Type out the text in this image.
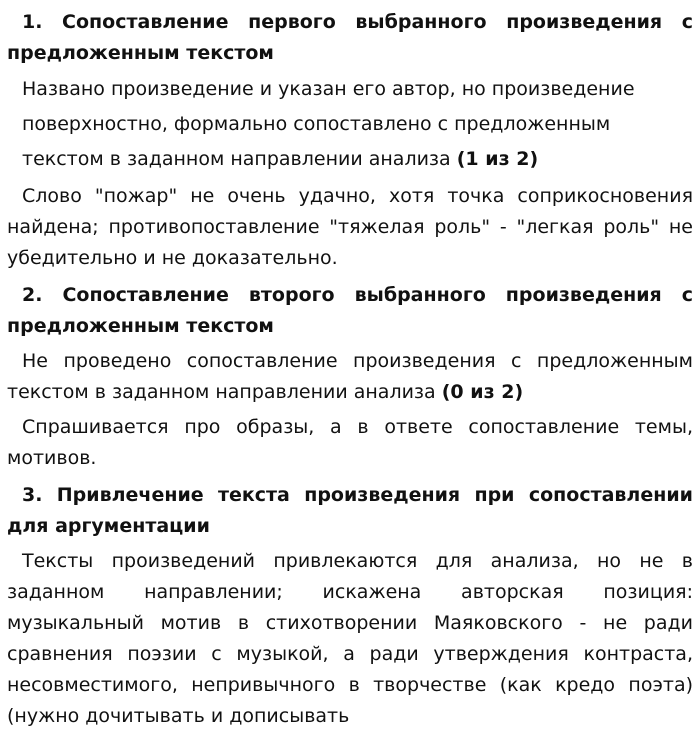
1. Сопоставление первого выбранного произведения с предложенным текстом
Названо произведение и указан его автор, но произведение
поверхностно, формально сопоставлено с предложенным
текстом в заданном направлении анализа (1 из 2)
Слово "пожар" не очень удачно, хотя точка соприкосновения найдена; противопоставление "тяжелая роль" - "легкая роль" не убедительно и не доказательно.
2. Сопоставление второго выбранного произведения с предложенным текстом
Не проведено сопоставление произведения с предложенным текстом в заданном направлении анализа (0 из 2)
Спрашивается про образы, а в ответе сопоставление темы, мотивов.
3. Привлечение текста произведения при сопоставлении для аргументации
Тексты произведений привлекаются для анализа, но не в заданном направлении; искажена авторская позиция: музыкальный мотив в стихотворении Маяковского - не ради сравнения поэзии с музыкой, а ради утверждения контраста, несовместимого, непривычного в творчестве (как кредо поэта) (нужно дочитывать и дописывать
